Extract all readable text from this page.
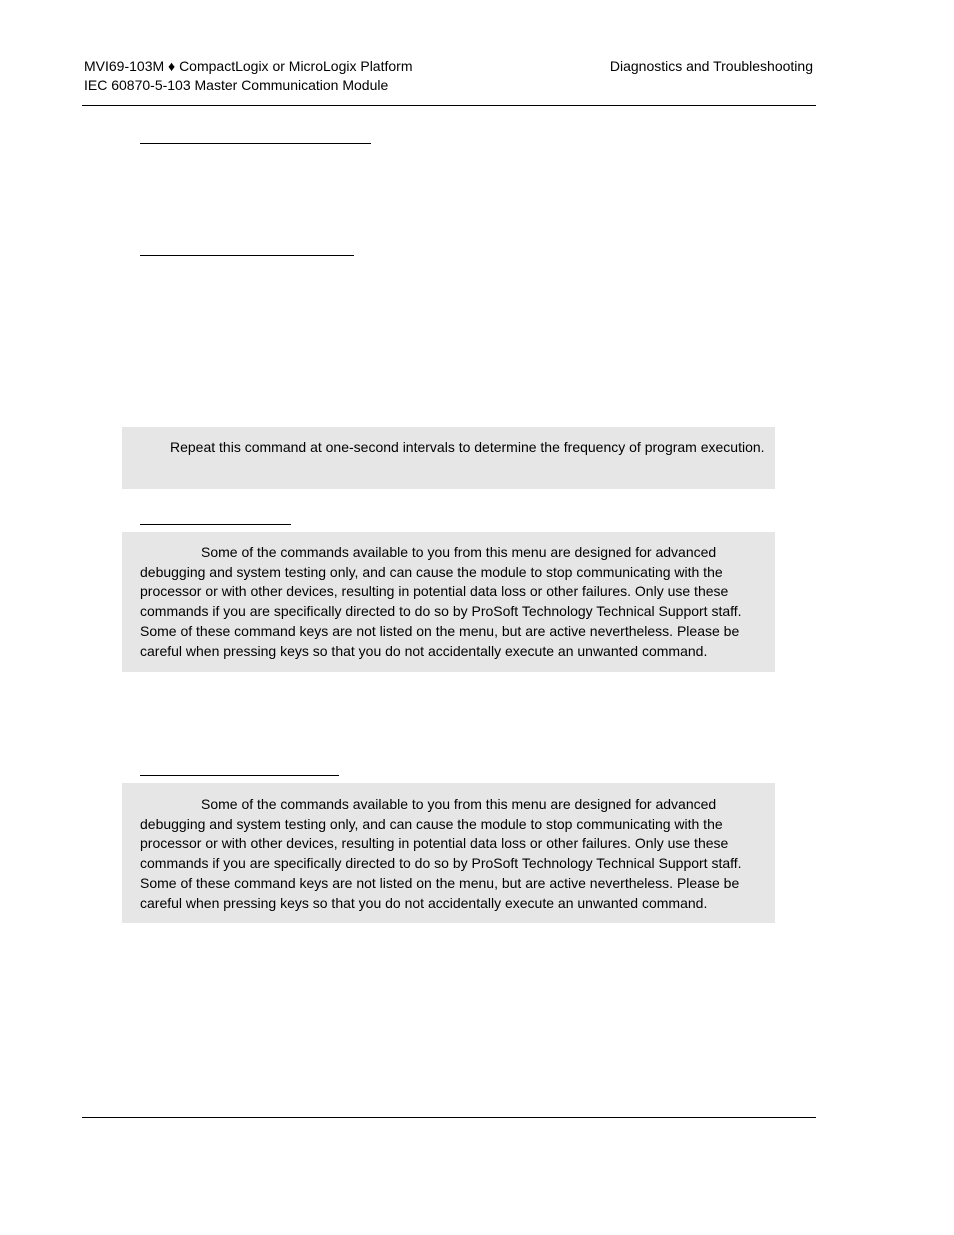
MVI69-103M ♦ CompactLogix or MicroLogix Platform
IEC 60870-5-103 Master Communication Module
Diagnostics and Troubleshooting

Repeat this command at one-second intervals to determine the frequency of program execution.

Some of the commands available to you from this menu are designed for advanced debugging and system testing only, and can cause the module to stop communicating with the processor or with other devices, resulting in potential data loss or other failures. Only use these commands if you are specifically directed to do so by ProSoft Technology Technical Support staff. Some of these command keys are not listed on the menu, but are active nevertheless. Please be careful when pressing keys so that you do not accidentally execute an unwanted command.

Some of the commands available to you from this menu are designed for advanced debugging and system testing only, and can cause the module to stop communicating with the processor or with other devices, resulting in potential data loss or other failures. Only use these commands if you are specifically directed to do so by ProSoft Technology Technical Support staff. Some of these command keys are not listed on the menu, but are active nevertheless. Please be careful when pressing keys so that you do not accidentally execute an unwanted command.
